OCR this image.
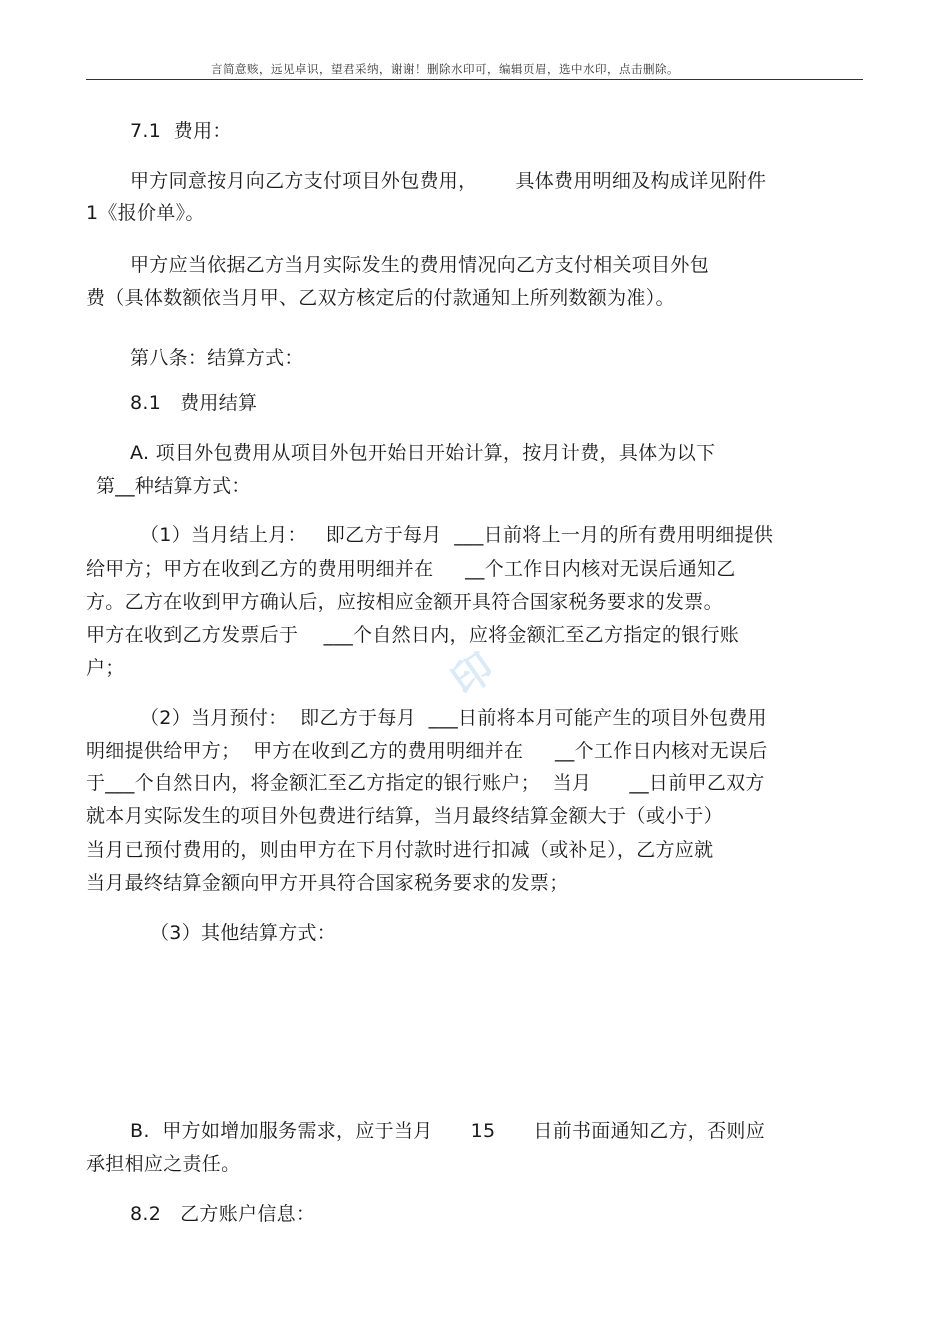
言简意赅，远见卓识，望君采纳，谢谢！删除水印可，编辑页眉，选中水印，点击删除。
印
7.1  费用：
甲方同意按月向乙方支付项目外包费用，      具体费用明细及构成详见附件
1《报价单》。
甲方应当依据乙方当月实际发生的费用情况向乙方支付相关项目外包
费（具体数额依当月甲、乙双方核定后的付款通知上所列数额为准）。
第八条：结算方式：
8.1   费用结算
A. 项目外包费用从项目外包开始日开始计算，按月计费，具体为以下
第__种结算方式：
（1）当月结上月：   即乙方于每月  ___日前将上一月的所有费用明细提供
给甲方；甲方在收到乙方的费用明细并在     __个工作日内核对无误后通知乙
方。乙方在收到甲方确认后，应按相应金额开具符合国家税务要求的发票。
甲方在收到乙方发票后于    ___个自然日内，应将金额汇至乙方指定的银行账
户；
（2）当月预付：  即乙方于每月  ___日前将本月可能产生的项目外包费用
明细提供给甲方；  甲方在收到乙方的费用明细并在     __个工作日内核对无误后
于___个自然日内，将金额汇至乙方指定的银行账户；  当月      __日前甲乙双方
就本月实际发生的项目外包费进行结算，当月最终结算金额大于（或小于）
当月已预付费用的，则由甲方在下月付款时进行扣减（或补足），乙方应就
当月最终结算金额向甲方开具符合国家税务要求的发票；
（3）其他结算方式：
B.  甲方如增加服务需求，应于当月      15      日前书面通知乙方，否则应
承担相应之责任。
8.2   乙方账户信息：
